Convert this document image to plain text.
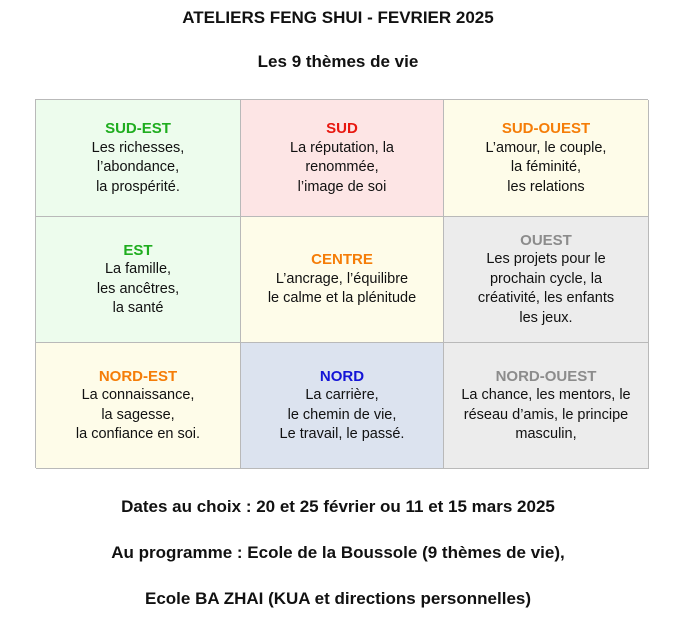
ATELIERS FENG SHUI - FEVRIER 2025
Les 9 thèmes de vie
SUD-EST
Les richesses,
l’abondance,
la prospérité.
SUD
La réputation, la
renommée,
l’image de soi
SUD-OUEST
L’amour, le couple,
la féminité,
les relations
EST
La famille,
les ancêtres,
la santé
CENTRE
L’ancrage, l’équilibre
le calme et la plénitude
OUEST
Les projets pour le
prochain cycle, la
créativité, les enfants
les jeux.
NORD-EST
La connaissance,
la sagesse,
la confiance en soi.
NORD
La carrière,
le chemin de vie,
Le travail, le passé.
NORD-OUEST
La chance, les mentors, le
réseau d’amis, le principe
masculin,
Dates au choix : 20 et 25 février ou 11 et 15 mars 2025
Au programme : Ecole de la Boussole (9 thèmes de vie),
Ecole BA ZHAI (KUA et directions personnelles)
